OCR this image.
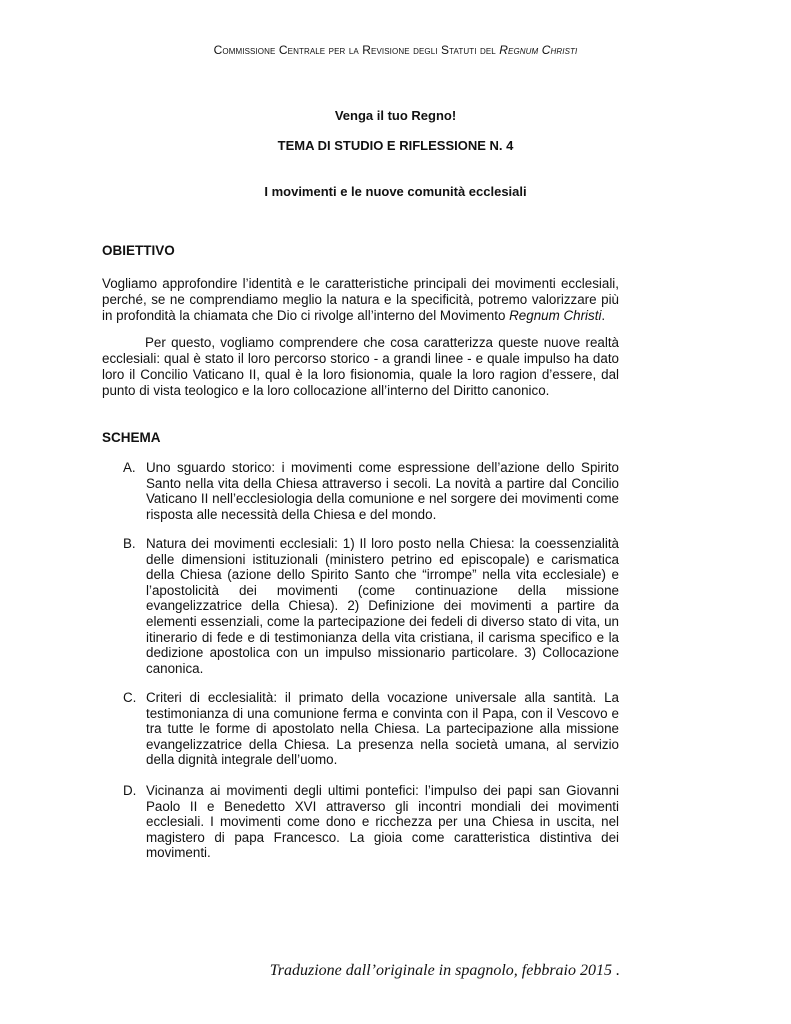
Commissione Centrale per la Revisione degli Statuti del Regnum Christi
Venga il tuo Regno!
TEMA DI STUDIO E RIFLESSIONE N. 4
I movimenti e le nuove comunità ecclesiali
OBIETTIVO
Vogliamo approfondire l’identità e le caratteristiche principali dei movimenti ecclesiali, perché, se ne comprendiamo meglio la natura e la specificità, potremo valorizzare più in profondità la chiamata che Dio ci rivolge all’interno del Movimento Regnum Christi.
Per questo, vogliamo comprendere che cosa caratterizza queste nuove realtà ecclesiali: qual è stato il loro percorso storico - a grandi linee - e quale impulso ha dato loro il Concilio Vaticano II, qual è la loro fisionomia, quale la loro ragion d’essere, dal punto di vista teologico e la loro collocazione all’interno del Diritto canonico.
SCHEMA
A. Uno sguardo storico: i movimenti come espressione dell’azione dello Spirito Santo nella vita della Chiesa attraverso i secoli. La novità a partire dal Concilio Vaticano II nell’ecclesiologia della comunione e nel sorgere dei movimenti come risposta alle necessità della Chiesa e del mondo.
B. Natura dei movimenti ecclesiali: 1) Il loro posto nella Chiesa: la coessenzialità delle dimensioni istituzionali (ministero petrino ed episcopale) e carismatica della Chiesa (azione dello Spirito Santo che “irrompe” nella vita ecclesiale) e l’apostolicità dei movimenti (come continuazione della missione evangelizzatrice della Chiesa). 2) Definizione dei movimenti a partire da elementi essenziali, come la partecipazione dei fedeli di diverso stato di vita, un itinerario di fede e di testimonianza della vita cristiana, il carisma specifico e la dedizione apostolica con un impulso missionario particolare. 3) Collocazione canonica.
C. Criteri di ecclesialità: il primato della vocazione universale alla santità. La testimonianza di una comunione ferma e convinta con il Papa, con il Vescovo e tra tutte le forme di apostolato nella Chiesa. La partecipazione alla missione evangelizzatrice della Chiesa. La presenza nella società umana, al servizio della dignità integrale dell’uomo.
D. Vicinanza ai movimenti degli ultimi pontefici: l’impulso dei papi san Giovanni Paolo II e Benedetto XVI attraverso gli incontri mondiali dei movimenti ecclesiali. I movimenti come dono e ricchezza per una Chiesa in uscita, nel magistero di papa Francesco. La gioia come caratteristica distintiva dei movimenti.
Traduzione dall’originale in spagnolo, febbraio 2015 .
